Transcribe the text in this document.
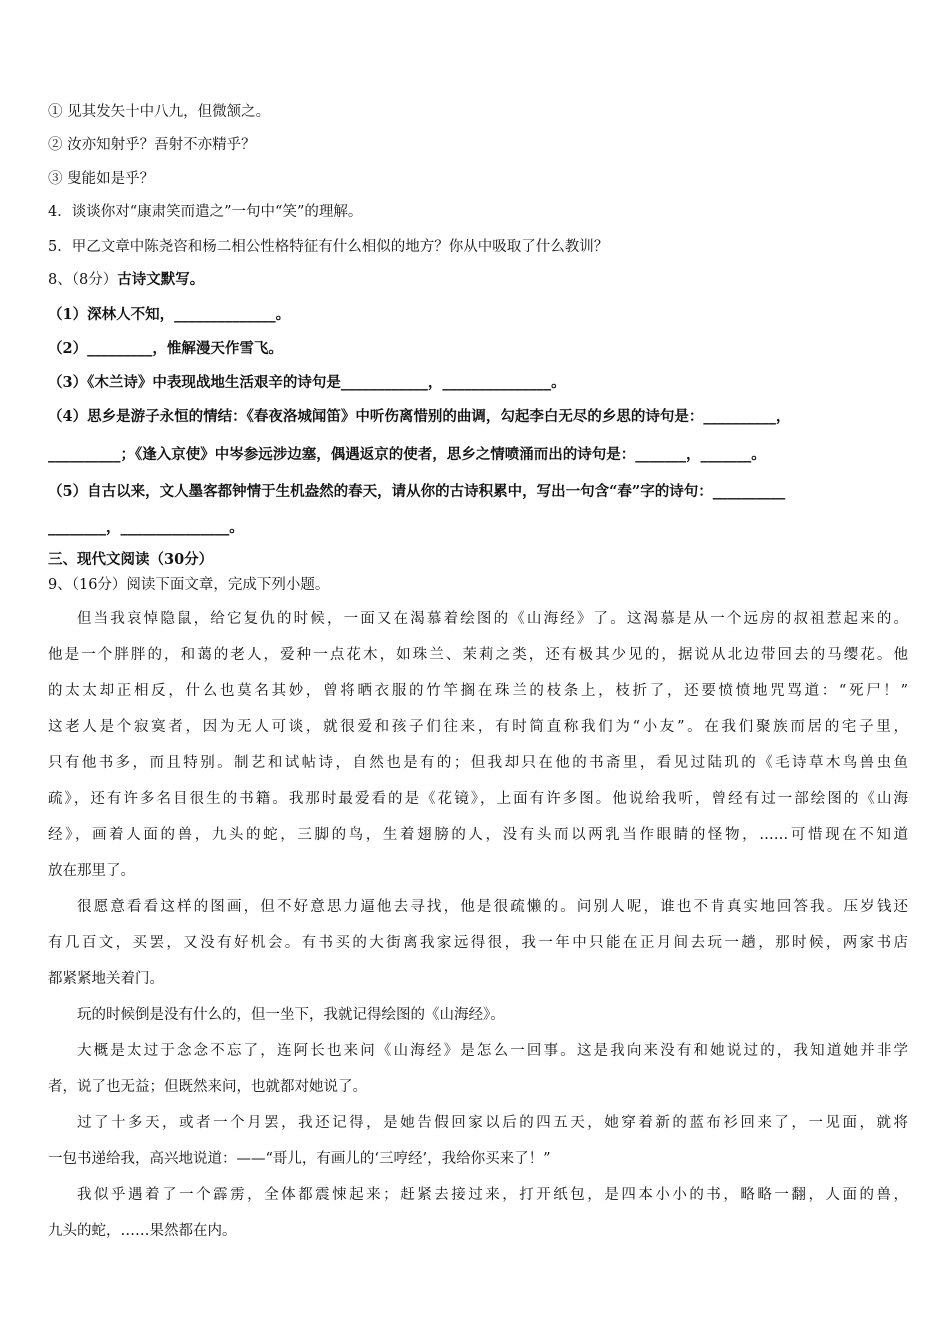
① 见其发矢十中八九，但微颔之。
② 汝亦知射乎？吾射不亦精乎？
③ 叟能如是乎？
4．谈谈你对“康肃笑而遣之”一句中“笑”的理解。
5．甲乙文章中陈尧咨和杨二相公性格特征有什么相似的地方？你从中吸取了什么教训？
8、（8分）古诗文默写。
（1）深林人不知，______________。
（2）_________，惟解漫天作雪飞。
（3）《木兰诗》中表现战地生活艰辛的诗句是____________，_______________。
（4）思乡是游子永恒的情结：《春夜洛城闻笛》中听伤离惜别的曲调，勾起李白无尽的乡思的诗句是：__________，
__________；《逢入京使》中岑参远涉边塞，偶遇返京的使者，思乡之情喷涌而出的诗句是：_______，_______。
（5）自古以来，文人墨客都钟情于生机盎然的春天，请从你的古诗积累中，写出一句含“春”字的诗句：__________
________，_______________。
三、现代文阅读（30分）
9、（16分）阅读下面文章，完成下列小题。

但当我哀悼隐鼠，给它复仇的时候，一面又在渴慕着绘图的《山海经》了。这渴慕是从一个远房的叔祖惹起来的。

他是一个胖胖的，和蔼的老人，爱种一点花木，如珠兰、茉莉之类，还有极其少见的，据说从北边带回去的马缨花。他

的太太却正相反，什么也莫名其妙，曾将晒衣服的竹竿搁在珠兰的枝条上，枝折了，还要愤愤地咒骂道：“死尸！”

这老人是个寂寞者，因为无人可谈，就很爱和孩子们往来，有时简直称我们为“小友”。在我们聚族而居的宅子里，

只有他书多，而且特别。制艺和试帖诗，自然也是有的；但我却只在他的书斋里，看见过陆玑的《毛诗草木鸟兽虫鱼

疏》，还有许多名目很生的书籍。我那时最爱看的是《花镜》，上面有许多图。他说给我听，曾经有过一部绘图的《山海

经》，画着人面的兽，九头的蛇，三脚的鸟，生着翅膀的人，没有头而以两乳当作眼睛的怪物，……可惜现在不知道

放在那里了。

很愿意看看这样的图画，但不好意思力逼他去寻找，他是很疏懒的。问别人呢，谁也不肯真实地回答我。压岁钱还

有几百文，买罢，又没有好机会。有书买的大街离我家远得很，我一年中只能在正月间去玩一趟，那时候，两家书店

都紧紧地关着门。

玩的时候倒是没有什么的，但一坐下，我就记得绘图的《山海经》。

大概是太过于念念不忘了，连阿长也来问《山海经》是怎么一回事。这是我向来没有和她说过的，我知道她并非学

者，说了也无益；但既然来问，也就都对她说了。

过了十多天，或者一个月罢，我还记得，是她告假回家以后的四五天，她穿着新的蓝布衫回来了，一见面，就将

一包书递给我，高兴地说道：——“哥儿，有画儿的‘三哼经’，我给你买来了！”

我似乎遇着了一个霹雳，全体都震悚起来；赶紧去接过来，打开纸包，是四本小小的书，略略一翻，人面的兽，

九头的蛇，……果然都在内。
